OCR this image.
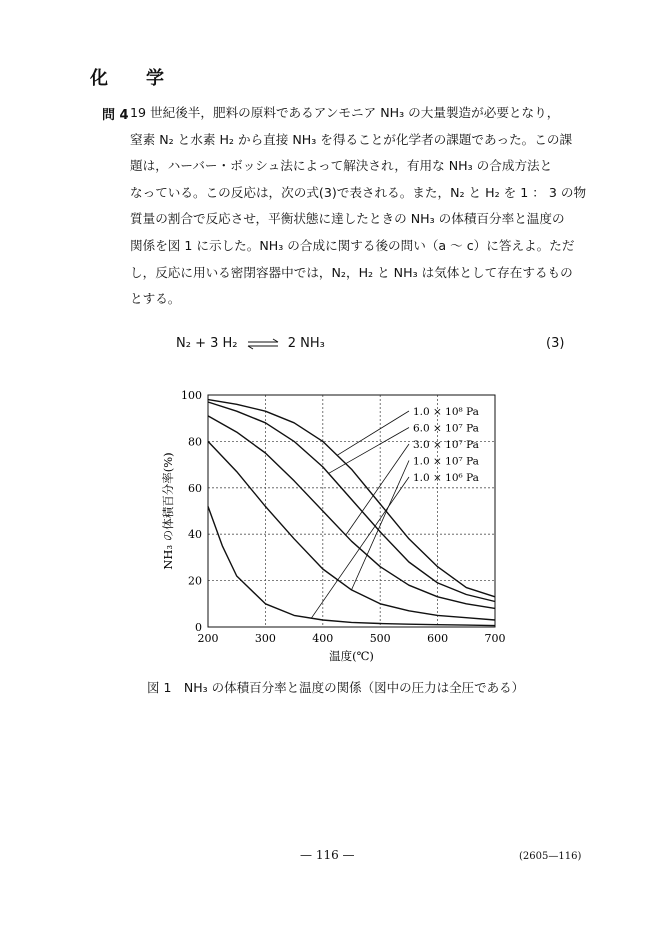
化　学
問 4 19 世紀後半，肥料の原料であるアンモニア NH₃ の大量製造が必要となり，
窒素 N₂ と水素 H₂ から直接 NH₃ を得ることが化学者の課題であった。この課
題は，ハーバー・ボッシュ法によって解決され，有用な NH₃ の合成方法と
なっている。この反応は，次の式(3)で表される。また，N₂ と H₂ を 1 ： 3 の物
質量の割合で反応させ，平衡状態に達したときの NH₃ の体積百分率と温度の
関係を図 1 に示した。NH₃ の合成に関する後の問い（a ～ c）に答えよ。ただ
し，反応に用いる密閉容器中では，N₂，H₂ と NH₃ は気体として存在するもの
とする。
N₂ + 3 H₂ ⇌ 2 NH₃	(3)
200	300	400	500	600	700
0
20
40
60
80
100
温度(℃)
NH₃ の体積百分率(%)
1.0 × 10⁸ Pa
6.0 × 10⁷ Pa
3.0 × 10⁷ Pa
1.0 × 10⁷ Pa
1.0 × 10⁶ Pa
図 1　NH₃ の体積百分率と温度の関係（図中の圧力は全圧である）
— 116 —	(2605—116)
